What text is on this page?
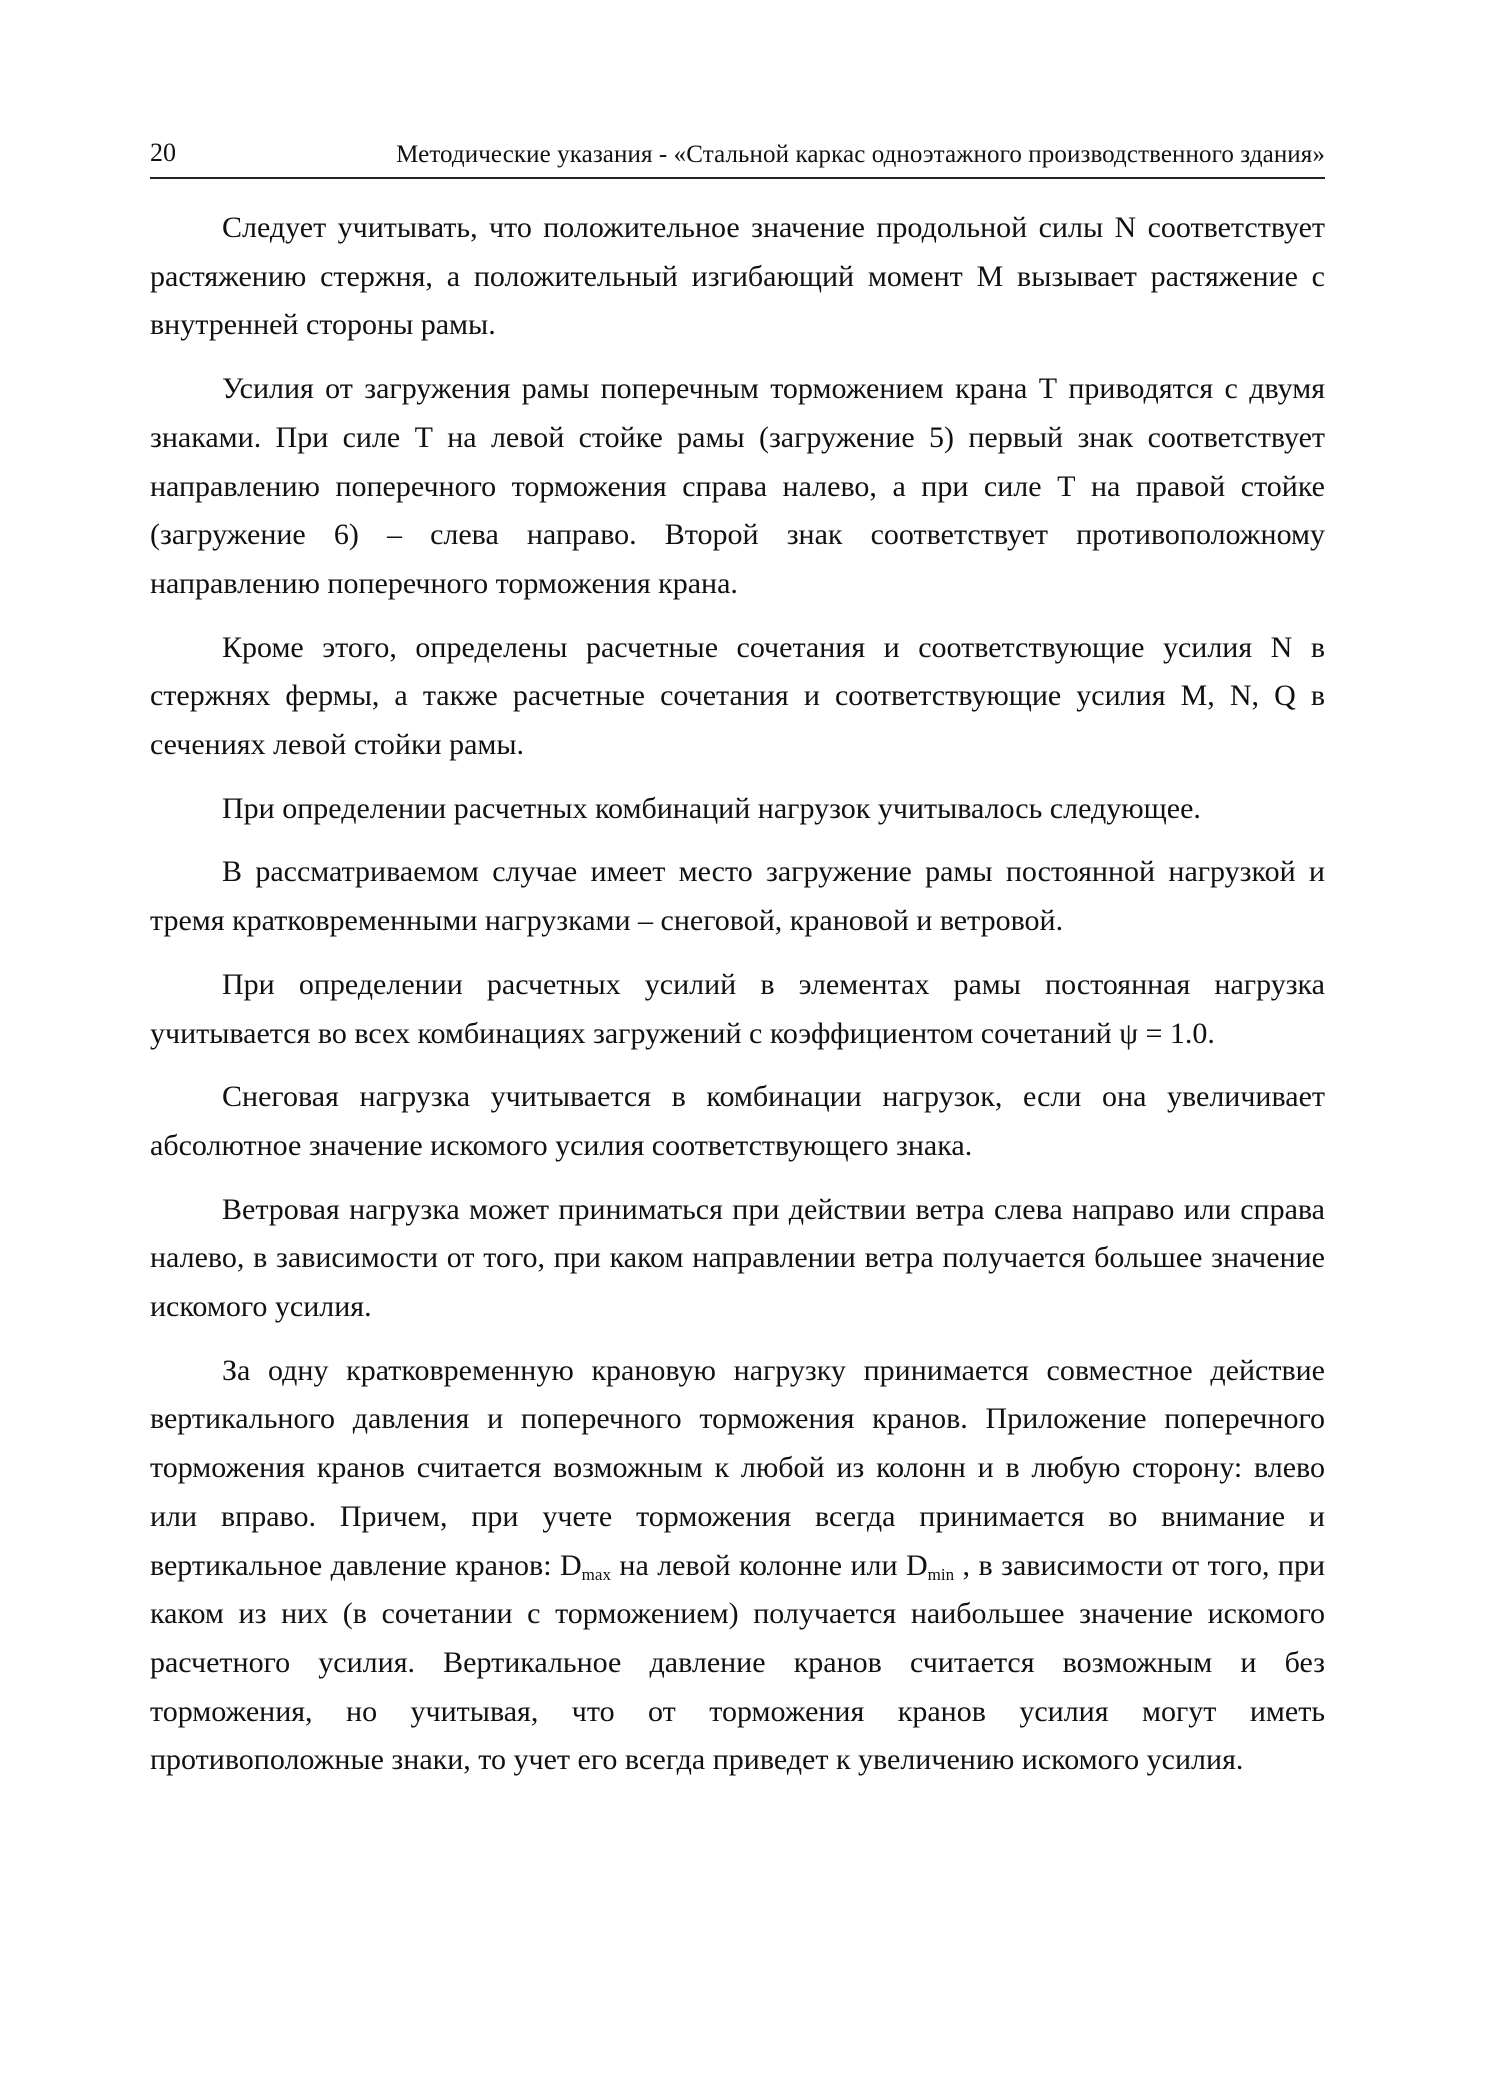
20	Методические указания - «Стальной каркас одноэтажного производственного здания»

Следует учитывать, что положительное значение продольной силы N соответствует растяжению стержня, а положительный изгибающий момент М вызывает растяжение с внутренней стороны рамы.

Усилия от загружения рамы поперечным торможением крана Т приводятся с двумя знаками. При силе Т на левой стойке рамы (загружение 5) первый знак соответствует направлению поперечного торможения справа налево, а при силе Т на правой стойке (загружение 6) – слева направо. Второй знак соответствует противоположному направлению поперечного торможения крана.

Кроме этого, определены расчетные сочетания и соответствующие усилия N в стержнях фермы, а также расчетные сочетания и соответствующие усилия М, N, Q в сечениях левой стойки рамы.

При определении расчетных комбинаций нагрузок учитывалось следующее.

В рассматриваемом случае имеет место загружение рамы постоянной нагрузкой и тремя кратковременными нагрузками – снеговой, крановой и ветровой.

При определении расчетных усилий в элементах рамы постоянная нагрузка учитывается во всех комбинациях загружений с коэффициентом сочетаний ψ = 1.0.

Снеговая нагрузка учитывается в комбинации нагрузок, если она увеличивает абсолютное значение искомого усилия соответствующего знака.

Ветровая нагрузка может приниматься при действии ветра слева направо или справа налево, в зависимости от того, при каком направлении ветра получается большее значение искомого усилия.

За одну кратковременную крановую нагрузку принимается совместное действие вертикального давления и поперечного торможения кранов. Приложение поперечного торможения кранов считается возможным к любой из колонн и в любую сторону: влево или вправо. Причем, при учете торможения всегда принимается во внимание и вертикальное давление кранов: $D_{max}$ на левой колонне или $D_{min}$ , в зависимости от того, при каком из них (в сочетании с торможением) получается наибольшее значение искомого расчетного усилия. Вертикальное давление кранов считается возможным и без торможения, но учитывая, что от торможения кранов усилия могут иметь противоположные знаки, то учет его всегда приведет к увеличению искомого усилия.
